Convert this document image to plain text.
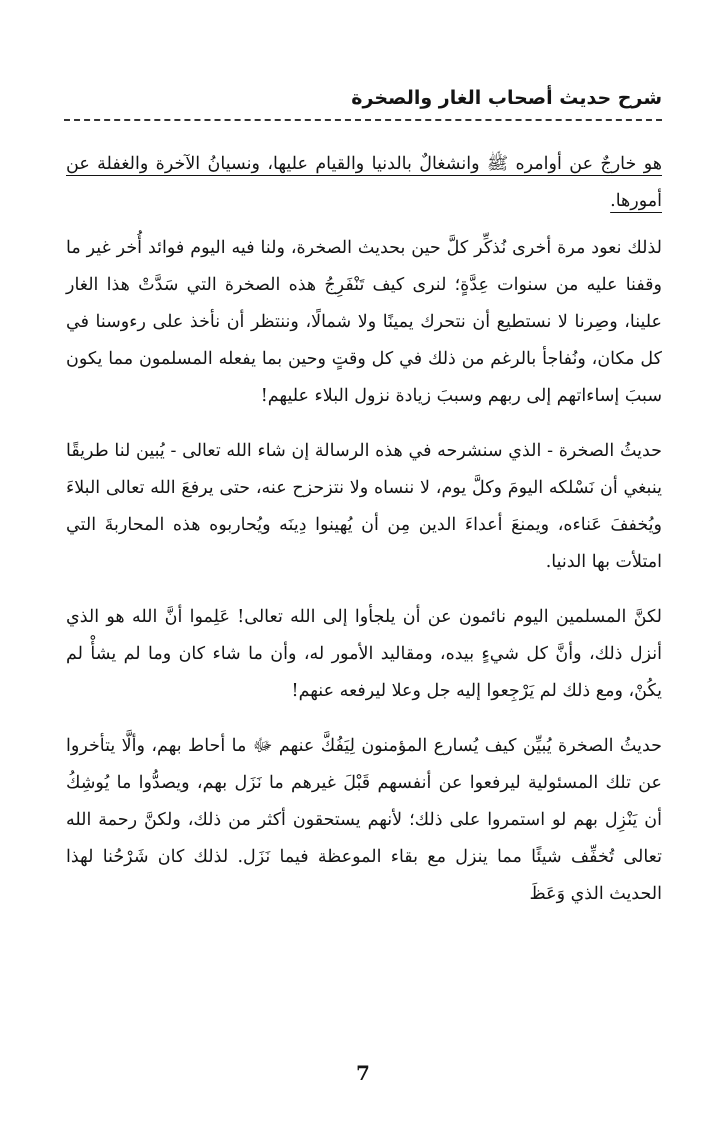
شرح حديث أصحاب الغار والصخرة

هو خارجٌ عن أوامره ﷺ وانشغالٌ بالدنيا والقيام عليها، ونسيانُ الآخرة والغفلة عن أمورها.

لذلك نعود مرة أخرى نُذكِّر كلَّ حين بحديث الصخرة، ولنا فيه اليوم فوائد أُخر غير ما وقفنا عليه من سنوات عِدَّةٍ؛ لنرى كيف تَنْفَرِجُ هذه الصخرة التي سَدَّتْ هذا الغار علينا، وصِرنا لا نستطيع أن نتحرك يمينًا ولا شمالًا، وننتظر أن نأخذ على رءوسنا في كل مكان، ونُفاجأ بالرغم من ذلك في كل وقتٍ وحين بما يفعله المسلمون مما يكون سببَ إساءاتهم إلى ربهم وسببَ زيادة نزول البلاء عليهم!

حديثُ الصخرة - الذي سنشرحه في هذه الرسالة إن شاء الله تعالى - يُبين لنا طريقًا ينبغي أن نَسْلكه اليومَ وكلَّ يوم، لا ننساه ولا نتزحزح عنه، حتى يرفعَ الله تعالى البلاءَ ويُخففَ عَناءه، ويمنعَ أعداءَ الدين مِن أن يُهينوا دِينَه ويُحاربوه هذه المحاربةَ التي امتلأت بها الدنيا.

لكنَّ المسلمين اليوم نائمون عن أن يلجأوا إلى الله تعالى! عَلِموا أنَّ الله هو الذي أنزل ذلك، وأنَّ كل شيءٍ بيده، ومقاليد الأمور له، وأن ما شاء كان وما لم يشأْ لم يكُنْ، ومع ذلك لم يَرْجِعوا إليه جل وعلا ليرفعه عنهم!

حديثُ الصخرة يُبيِّن كيف يُسارع المؤمنون لِيَفُكَّ عنهم ﷻ ما أحاط بهم، وألَّا يتأخروا عن تلك المسئولية ليرفعوا عن أنفسهم قَبْلَ غيرهم ما نَزَل بهم، ويصدُّوا ما يُوشِكُ أن يَنْزِل بهم لو استمروا على ذلك؛ لأنهم يستحقون أكثر من ذلك، ولكنَّ رحمة الله تعالى تُخفِّف شيئًا مما ينزل مع بقاء الموعظة فيما نَزَل. لذلك كان شَرْحُنا لهذا الحديث الذي وَعَظَ

7
